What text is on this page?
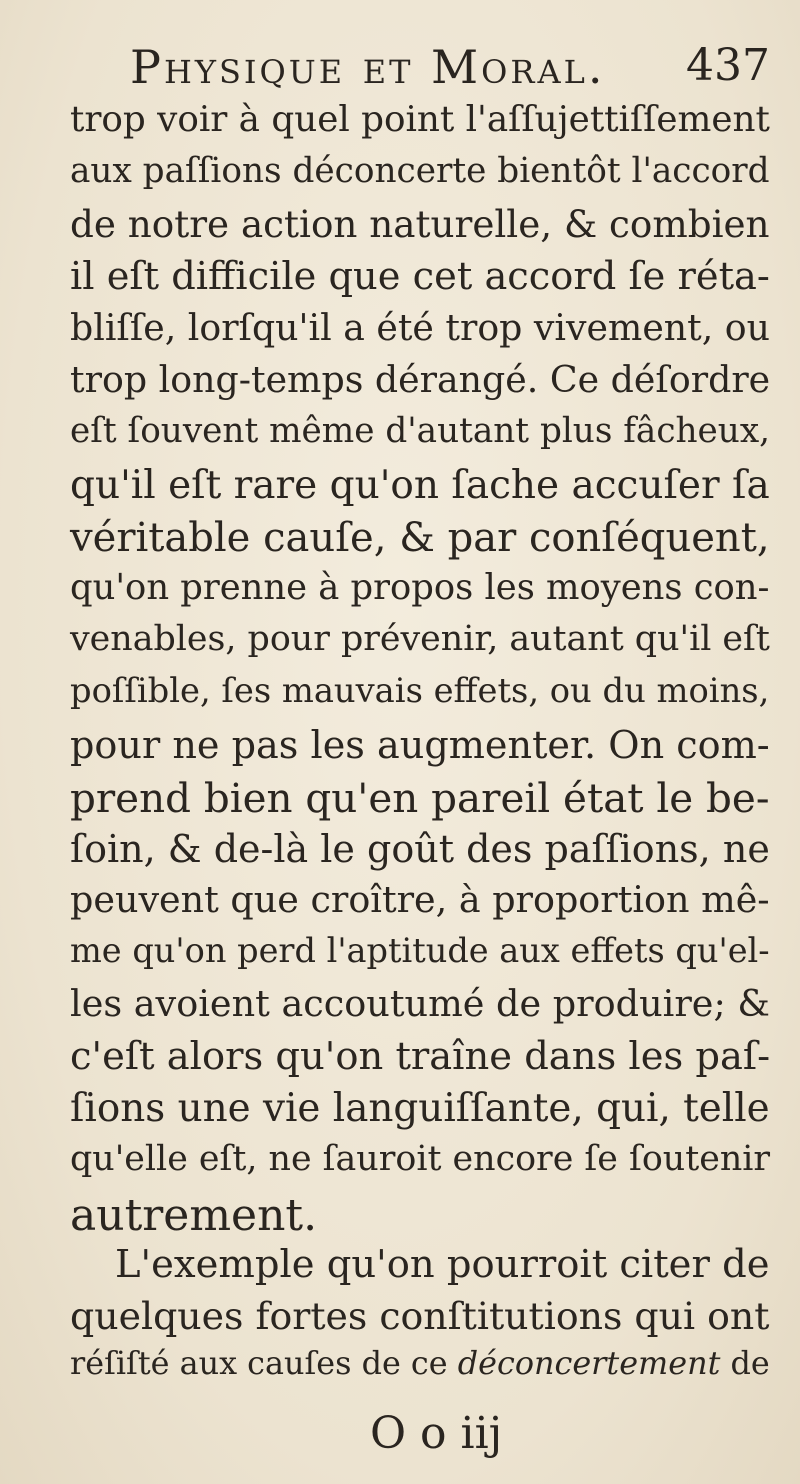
Physique et Moral. 437
trop voir à quel point l'aſſujettiſſement
aux paſſions déconcerte bientôt l'accord
de notre action naturelle, & combien
il eſt difficile que cet accord ſe réta-
bliſſe, lorſqu'il a été trop vivement, ou
trop long-temps dérangé. Ce déſordre
eſt ſouvent même d'autant plus fâcheux,
qu'il eſt rare qu'on ſache accuſer ſa
véritable cauſe, & par conſéquent,
qu'on prenne à propos les moyens con-
venables, pour prévenir, autant qu'il eſt
poſſible, ſes mauvais effets, ou du moins,
pour ne pas les augmenter. On com-
prend bien qu'en pareil état le be-
ſoin, & de-là le goût des paſſions, ne
peuvent que croître, à proportion mê-
me qu'on perd l'aptitude aux effets qu'el-
les avoient accoutumé de produire; &
c'eſt alors qu'on traîne dans les paſ-
ſions une vie languiſſante, qui, telle
qu'elle eſt, ne ſauroit encore ſe ſoutenir
autrement.
L'exemple qu'on pourroit citer de
quelques fortes conſtitutions qui ont
réſiſté aux cauſes de ce déconcertement de
O o iij
